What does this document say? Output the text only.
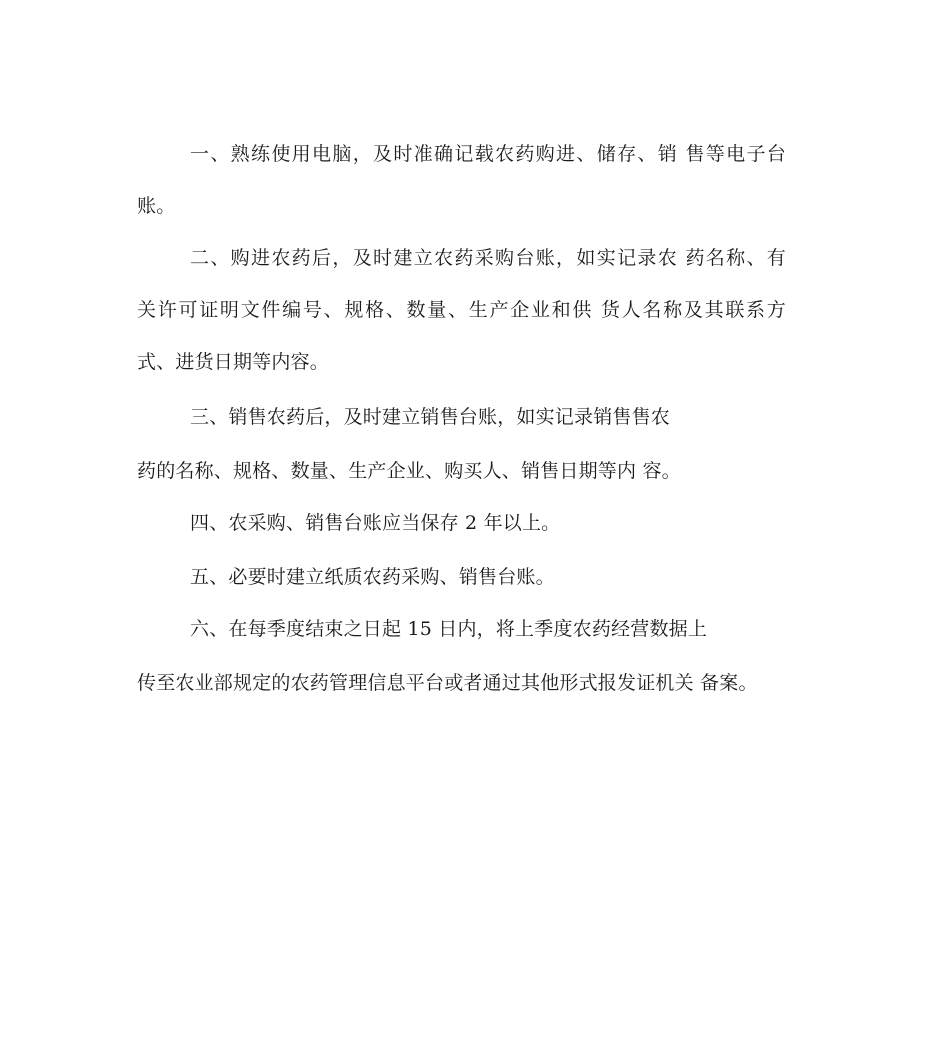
一、熟练使用电脑，及时准确记载农药购进、储存、销 售等电子台
账。
二、购进农药后，及时建立农药采购台账，如实记录农 药名称、有
关许可证明文件编号、规格、数量、生产企业和供 货人名称及其联系方
式、进货日期等内容。
三、销售农药后，及时建立销售台账，如实记录销售售农
药的名称、规格、数量、生产企业、购买人、销售日期等内 容。
四、农采购、销售台账应当保存 2 年以上。
五、必要时建立纸质农药采购、销售台账。
六、在每季度结束之日起 15 日内，将上季度农药经营数据上
传至农业部规定的农药管理信息平台或者通过其他形式报发证机关 备案。
